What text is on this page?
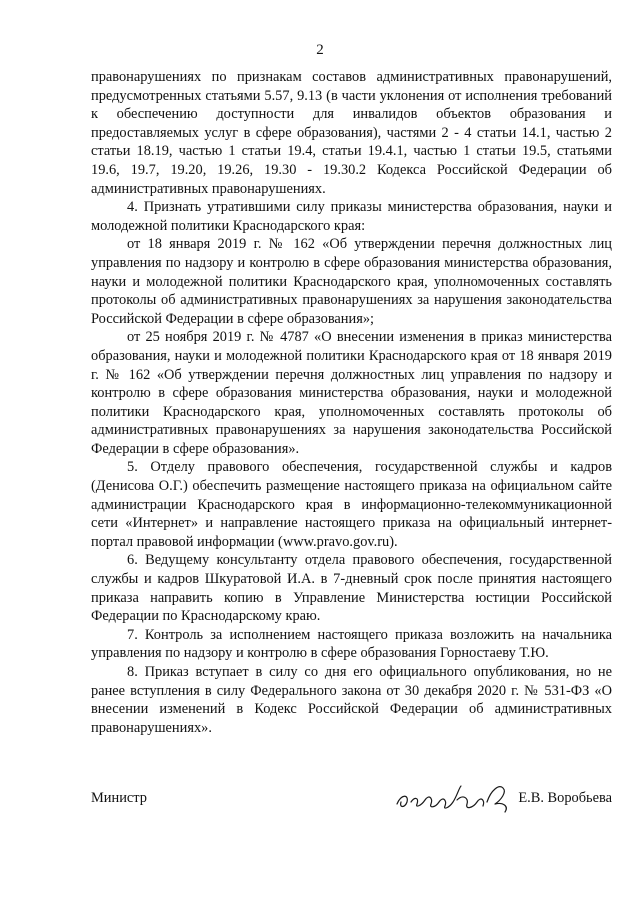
2

правонарушениях по признакам составов административных правонарушений, предусмотренных статьями 5.57, 9.13 (в части уклонения от исполнения требований к обеспечению доступности для инвалидов объектов образования и предоставляемых услуг в сфере образования), частями 2 - 4 статьи 14.1, частью 2 статьи 18.19, частью 1 статьи 19.4, статьи 19.4.1, частью 1 статьи 19.5, статьями 19.6, 19.7, 19.20, 19.26, 19.30 - 19.30.2 Кодекса Российской Федерации об административных правонарушениях.

4. Признать утратившими силу приказы министерства образования, науки и молодежной политики Краснодарского края:

от 18 января 2019 г. № 162 «Об утверждении перечня должностных лиц управления по надзору и контролю в сфере образования министерства образования, науки и молодежной политики Краснодарского края, уполномоченных составлять протоколы об административных правонарушениях за нарушения законодательства Российской Федерации в сфере образования»;

от 25 ноября 2019 г. № 4787 «О внесении изменения в приказ министерства образования, науки и молодежной политики Краснодарского края от 18 января 2019 г. № 162 «Об утверждении перечня должностных лиц управления по надзору и контролю в сфере образования министерства образования, науки и молодежной политики Краснодарского края, уполномоченных составлять протоколы об административных правонарушениях за нарушения законодательства Российской Федерации в сфере образования».

5. Отделу правового обеспечения, государственной службы и кадров (Денисова О.Г.) обеспечить размещение настоящего приказа на официальном сайте администрации Краснодарского края в информационно-телекоммуникационной сети «Интернет» и направление настоящего приказа на официальный интернет-портал правовой информации (www.pravo.gov.ru).

6. Ведущему консультанту отдела правового обеспечения, государственной службы и кадров Шкуратовой И.А. в 7-дневный срок после принятия настоящего приказа направить копию в Управление Министерства юстиции Российской Федерации по Краснодарскому краю.

7. Контроль за исполнением настоящего приказа возложить на начальника управления по надзору и контролю в сфере образования Горностаеву Т.Ю.

8. Приказ вступает в силу со дня его официального опубликования, но не ранее вступления в силу Федерального закона от 30 декабря 2020 г. № 531-ФЗ «О внесении изменений в Кодекс Российской Федерации об административных правонарушениях».

Министр	Е.В. Воробьева
